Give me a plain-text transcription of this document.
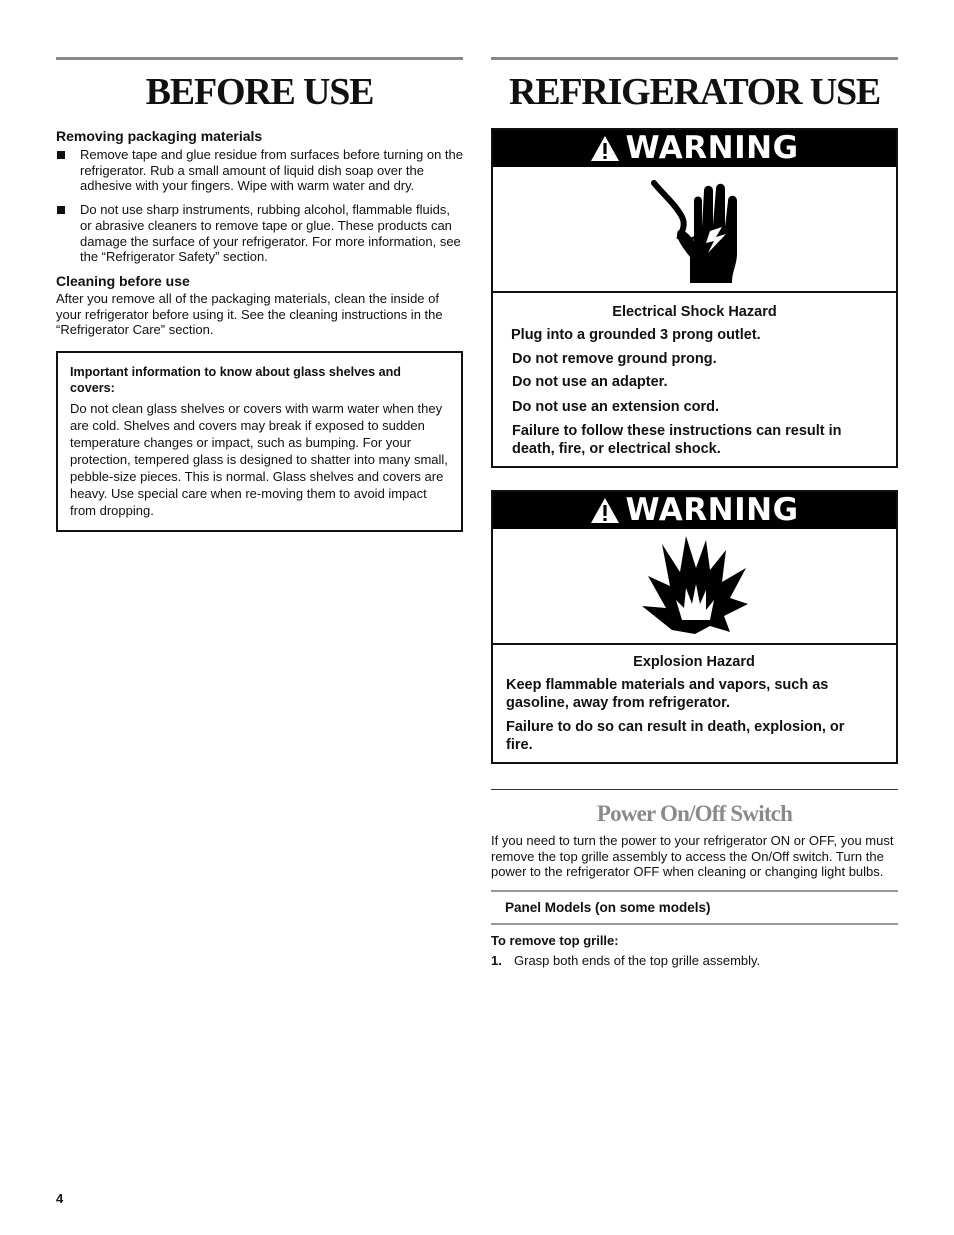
BEFORE USE
Removing packaging materials
Remove tape and glue residue from surfaces before turning on the refrigerator. Rub a small amount of liquid dish soap over the adhesive with your fingers. Wipe with warm water and dry.
Do not use sharp instruments, rubbing alcohol, flammable fluids, or abrasive cleaners to remove tape or glue. These products can damage the surface of your refrigerator. For more information, see the “Refrigerator Safety” section.
Cleaning before use

After you remove all of the packaging materials, clean the inside of your refrigerator before using it. See the cleaning instructions in the “Refrigerator Care” section.

Important information to know about glass shelves and covers:

Do not clean glass shelves or covers with warm water when they are cold. Shelves and covers may break if exposed to sudden temperature changes or impact, such as bumping. For your protection, tempered glass is designed to shatter into many small, pebble-size pieces. This is normal. Glass shelves and covers are heavy. Use special care when re-moving them to avoid impact from dropping.

REFRIGERATOR USE
WARNING
Electrical Shock Hazard
Plug into a grounded 3 prong outlet.
Do not remove ground prong.
Do not use an adapter.
Do not use an extension cord.
Failure to follow these instructions can result in death, fire, or electrical shock.
WARNING
Explosion Hazard
Keep flammable materials and vapors, such as gasoline, away from refrigerator.
Failure to do so can result in death, explosion, or fire.
Power On/Off Switch

If you need to turn the power to your refrigerator ON or OFF, you must remove the top grille assembly to access the On/Off switch. Turn the power to the refrigerator OFF when cleaning or changing light bulbs.

Panel Models (on some models)
To remove top grille:
1. Grasp both ends of the top grille assembly.
4
